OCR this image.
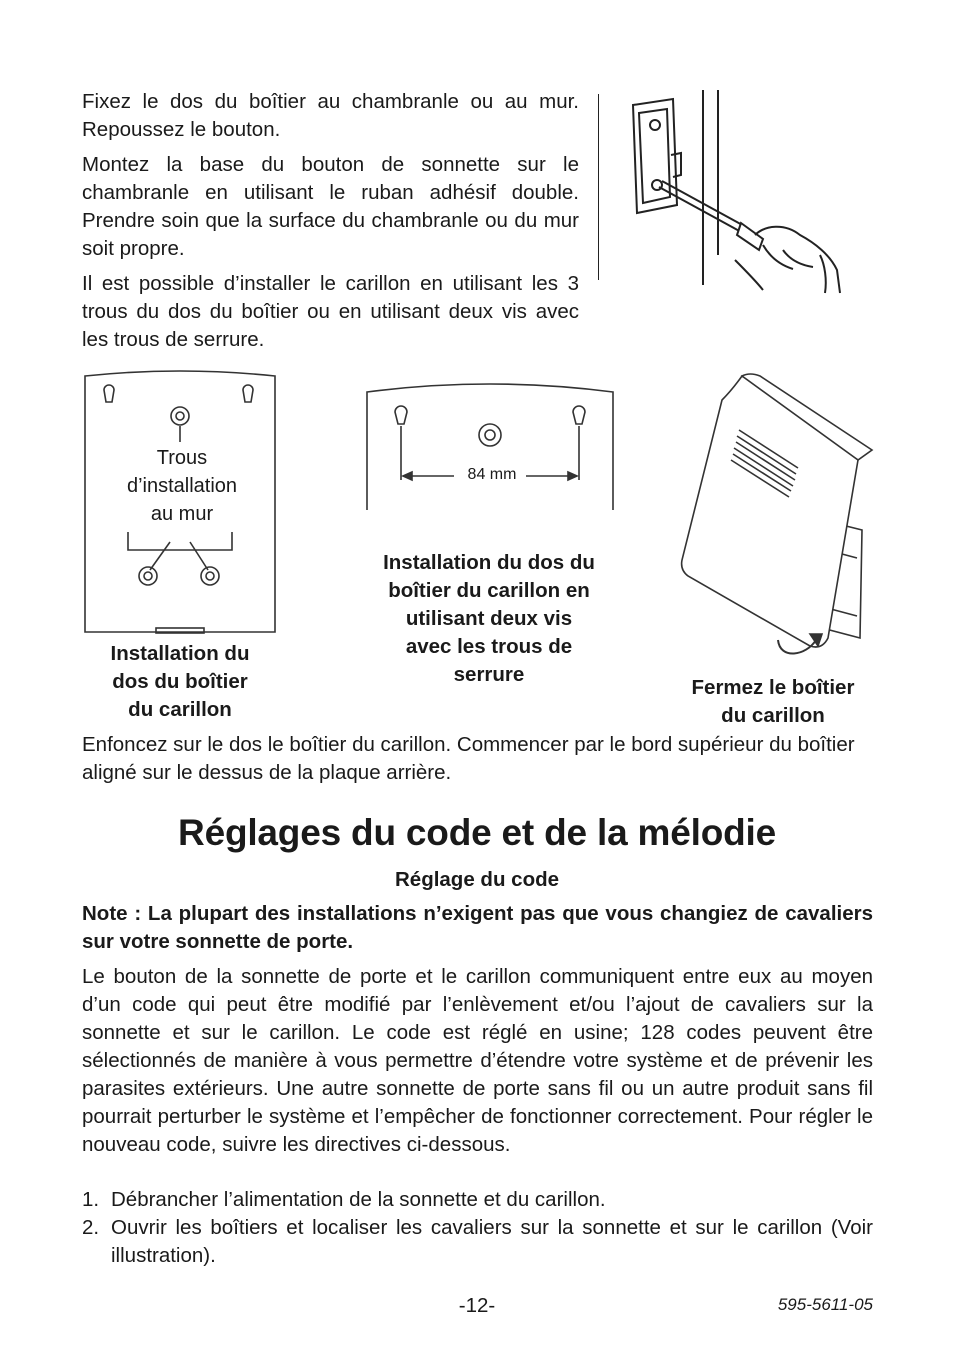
Fixez le dos du boîtier au chambranle ou au mur. Repoussez le bouton.

Montez la base du bouton de sonnette sur le chambranle en utilisant le ruban adhésif double. Prendre soin que la surface du chambranle ou du mur soit propre.

Il est possible d’installer le carillon en utilisant les 3 trous du dos du boîtier ou en utilisant deux vis avec les trous de serrure.

Trous
d’installation
au mur
Installation du
dos du boîtier
du carillon
84 mm
Installation du dos du
boîtier du carillon en
utilisant deux vis
avec les trous de
serrure
Fermez le boîtier
du carillon

Enfoncez sur le dos le boîtier du carillon. Commencer par le bord supérieur du boîtier aligné sur le dessus de la plaque arrière.

Réglages du code et de la mélodie

Réglage du code

Note : La plupart des installations n’exigent pas que vous changiez de cavaliers sur votre sonnette de porte.

Le bouton de la sonnette de porte et le carillon communiquent entre eux au moyen d’un code qui peut être modifié par l’enlèvement et/ou l’ajout de cavaliers sur la sonnette et sur le carillon. Le code est réglé en usine; 128 codes peuvent être sélectionnés de manière à vous permettre d’étendre votre système et de prévenir les parasites extérieurs. Une autre sonnette de porte sans fil ou un autre produit sans fil pourrait perturber le système et l’empêcher de fonctionner correctement. Pour régler le nouveau code, suivre les directives ci-dessous.

1. Débrancher l’alimentation de la sonnette et du carillon.
2. Ouvrir les boîtiers et localiser les cavaliers sur la sonnette et sur le carillon (Voir illustration).
-12-	595-5611-05
